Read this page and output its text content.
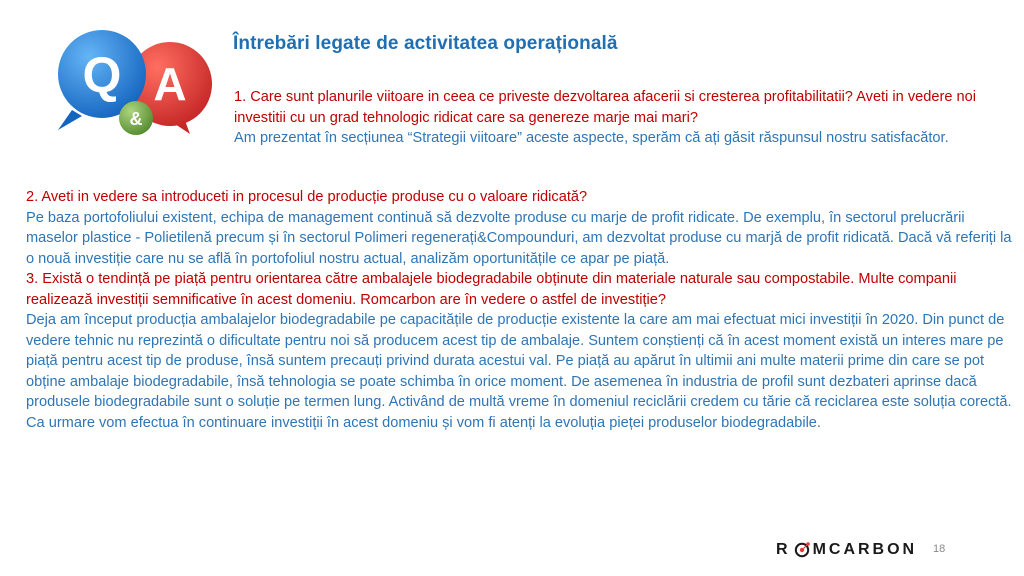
A
Q
&
Întrebări legate de activitatea operațională
1. Care sunt planurile viitoare in ceea ce priveste dezvoltarea afacerii si cresterea profitabilitatii? Aveti in vedere noi investitii cu un grad tehnologic ridicat care sa genereze marje mai mari?
Am prezentat în secțiunea “Strategii viitoare” aceste aspecte, sperăm că ați găsit răspunsul nostru satisfacător.
2. Aveti in vedere sa introduceti in procesul de producție produse cu o valoare ridicată?
Pe baza portofoliului existent, echipa de management continuă să dezvolte produse cu marje de profit ridicate. De exemplu, în sectorul prelucrării maselor plastice - Polietilenă precum și în sectorul Polimeri regenerați&Compounduri, am dezvoltat produse cu marjă de profit ridicată. Dacă vă referiți la o nouă investiție care nu se află în portofoliul nostru actual, analizăm oportunitățile ce apar pe piață.
3. Există o tendință pe piață pentru orientarea către ambalajele biodegradabile obținute din materiale naturale sau compostabile. Multe companii realizează investiții semnificative în acest domeniu. Romcarbon are în vedere o astfel de investiție?
Deja am început producția ambalajelor biodegradabile pe capacitățile de producție existente la care am mai efectuat mici investiții în 2020. Din punct de vedere tehnic nu reprezintă o dificultate pentru noi să producem acest tip de ambalaje. Suntem conștienți că în acest moment există un interes mare pe piață pentru acest tip de produse, însă suntem precauți privind durata acestui val. Pe piață au apărut în ultimii ani multe materii prime din care se pot obține ambalaje biodegradabile, însă tehnologia se poate schimba în orice moment. De asemenea în industria de profil sunt dezbateri aprinse dacă produsele biodegradabile sunt o soluție pe termen lung. Activând de multă vreme în domeniul reciclării credem cu tărie că reciclarea este soluția corectă. Ca urmare vom efectua în continuare investiții în acest domeniu și vom fi atenți la evoluția pieței produselor biodegradabile.
R MCARBON 18
